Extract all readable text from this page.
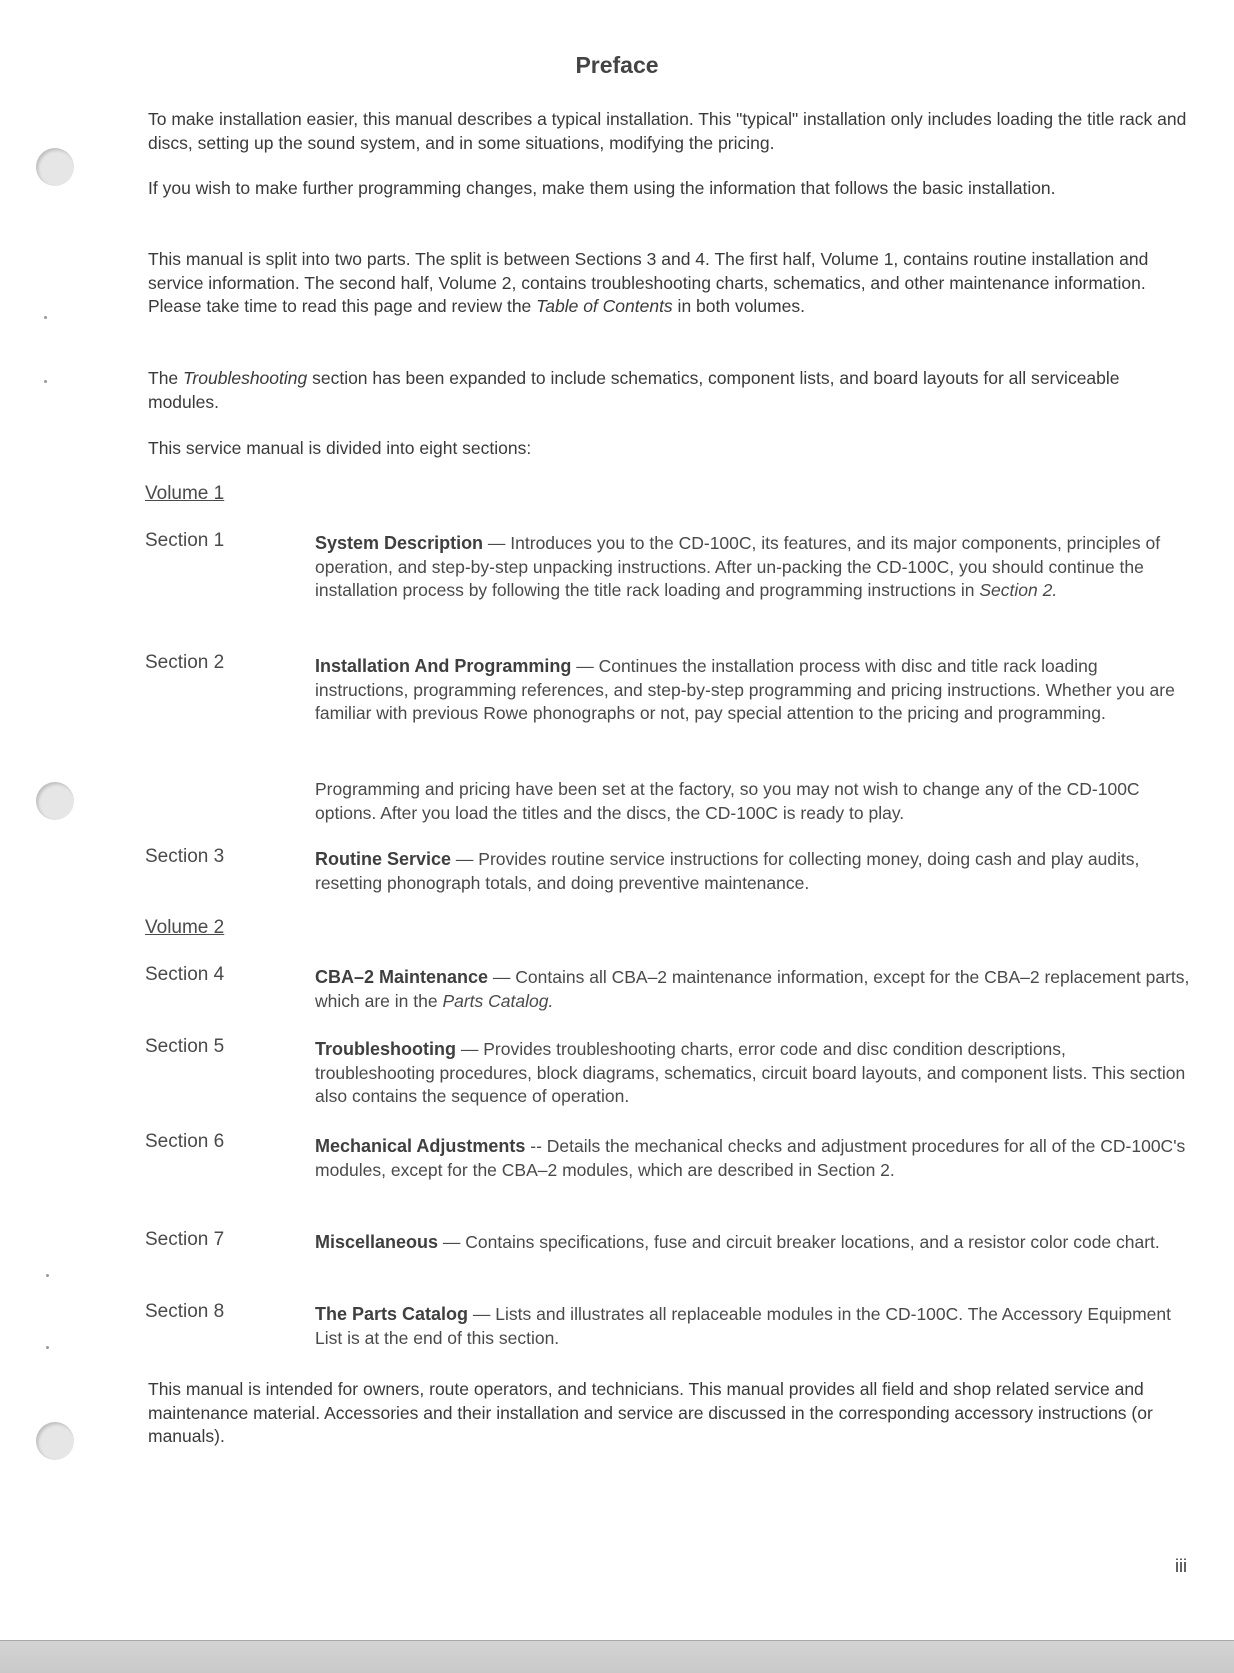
Preface

To make installation easier, this manual describes a typical installation. This "typical" installation only includes loading the title rack and discs, setting up the sound system, and in some situations, modifying the pricing.

If you wish to make further programming changes, make them using the information that follows the basic installation.

This manual is split into two parts. The split is between Sections 3 and 4. The first half, Volume 1, contains routine installation and service information. The second half, Volume 2, contains troubleshooting charts, schematics, and other maintenance information. Please take time to read this page and review the Table of Contents in both volumes.

The Troubleshooting section has been expanded to include schematics, component lists, and board layouts for all serviceable modules.

This service manual is divided into eight sections:

Volume 1

Section 1	System Description — Introduces you to the CD-100C, its features, and its major components, principles of operation, and step-by-step unpacking instructions. After un-packing the CD-100C, you should continue the installation process by following the title rack loading and programming instructions in Section 2.

Section 2	Installation And Programming — Continues the installation process with disc and title rack loading instructions, programming references, and step-by-step programming and pricing instructions. Whether you are familiar with previous Rowe phonographs or not, pay special attention to the pricing and programming.

Programming and pricing have been set at the factory, so you may not wish to change any of the CD-100C options. After you load the titles and the discs, the CD-100C is ready to play.

Section 3	Routine Service — Provides routine service instructions for collecting money, doing cash and play audits, resetting phonograph totals, and doing preventive maintenance.

Volume 2

Section 4	CBA–2 Maintenance — Contains all CBA–2 maintenance information, except for the CBA–2 replacement parts, which are in the Parts Catalog.

Section 5	Troubleshooting — Provides troubleshooting charts, error code and disc condition descriptions, troubleshooting procedures, block diagrams, schematics, circuit board layouts, and component lists. This section also contains the sequence of operation.

Section 6	Mechanical Adjustments -- Details the mechanical checks and adjustment procedures for all of the CD-100C's modules, except for the CBA–2 modules, which are described in Section 2.

Section 7	Miscellaneous — Contains specifications, fuse and circuit breaker locations, and a resistor color code chart.

Section 8	The Parts Catalog — Lists and illustrates all replaceable modules in the CD-100C. The Accessory Equipment List is at the end of this section.

This manual is intended for owners, route operators, and technicians. This manual provides all field and shop related service and maintenance material. Accessories and their installation and service are discussed in the corresponding accessory instructions (or manuals).

iii
